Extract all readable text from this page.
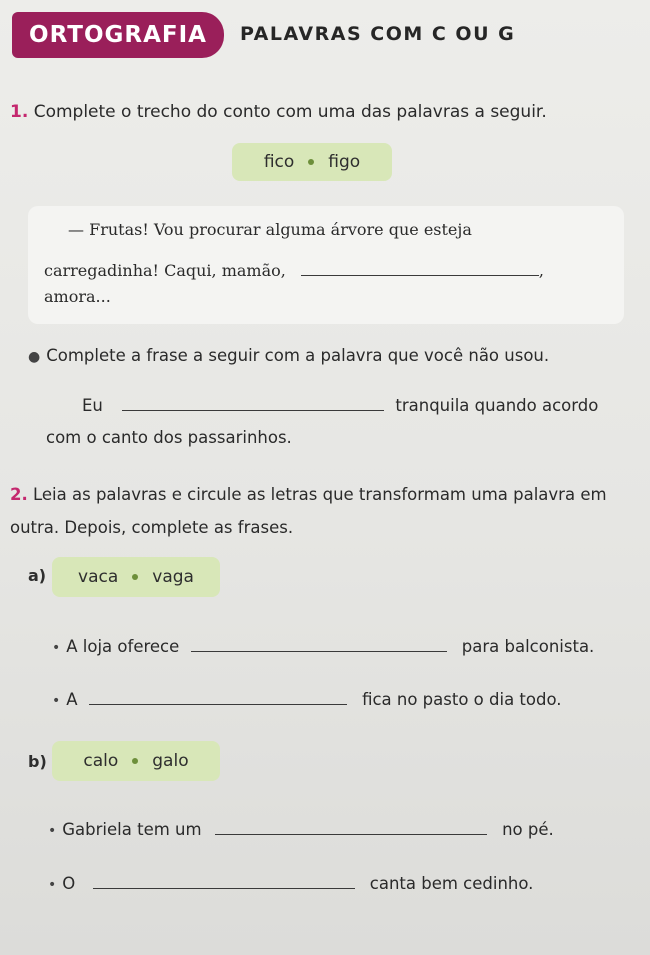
ORTOGRAFIA PALAVRAS COM C OU G
1. Complete o trecho do conto com uma das palavras a seguir.
fico figo
— Frutas! Vou procurar alguma árvore que esteja
carregadinha! Caqui, mamão,	,
amora...
● Complete a frase a seguir com a palavra que você não usou.
Eu	tranquila quando acordo
com o canto dos passarinhos.
2. Leia as palavras e circule as letras que transformam uma palavra em outra. Depois, complete as frases.
a) vaca vaga
• A loja oferece	para balconista.
• A	fica no pasto o dia todo.
b) calo galo
• Gabriela tem um	no pé.
• O	canta bem cedinho.
